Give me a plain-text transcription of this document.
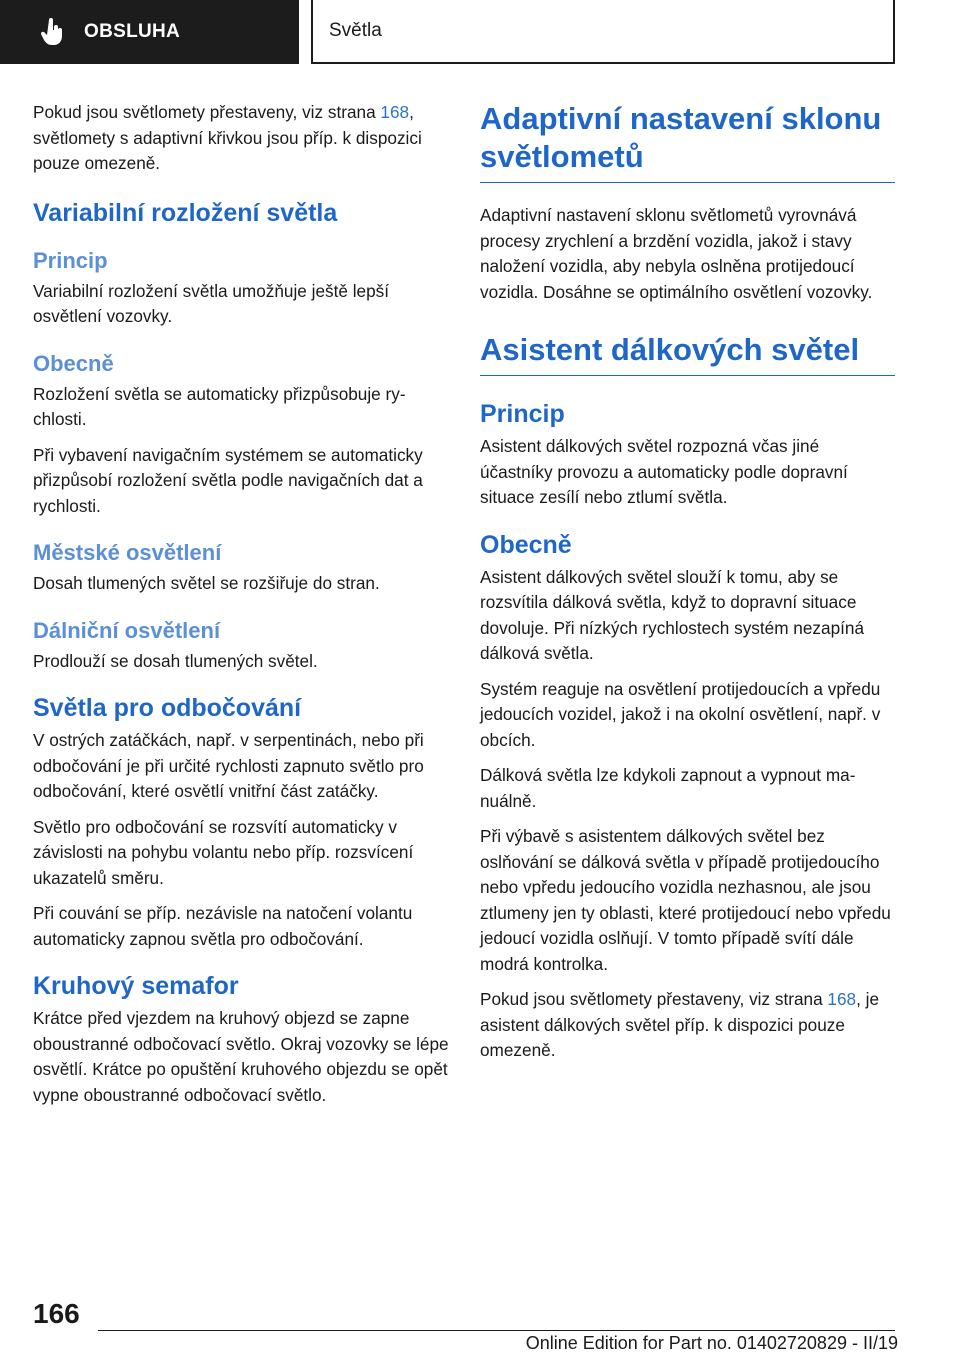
OBSLUHA	Světla

Pokud jsou světlomety přestaveny, viz strana 168, světlomety s adaptivní křivkou jsou příp. k dispozici pouze omezeně.

Variabilní rozložení světla
Princip

Variabilní rozložení světla umožňuje ještě lepší osvětlení vozovky.

Obecně

Rozložení světla se automaticky přizpůsobuje rychlosti.

Při vybavení navigačním systémem se automaticky přizpůsobí rozložení světla podle navigačních dat a rychlosti.

Městské osvětlení

Dosah tlumených světel se rozšiřuje do stran.

Dálniční osvětlení

Prodlouží se dosah tlumených světel.

Světla pro odbočování

V ostrých zatáčkách, např. v serpentinách, nebo při odbočování je při určité rychlosti zapnuto světlo pro odbočování, které osvětlí vnitřní část zatáčky.

Světlo pro odbočování se rozsvítí automaticky v závislosti na pohybu volantu nebo příp. rozsvícení ukazatelů směru.

Při couvání se příp. nezávisle na natočení volantu automaticky zapnou světla pro odbočování.

Kruhový semafor

Krátce před vjezdem na kruhový objezd se zapne oboustranné odbočovací světlo. Okraj vozovky se lépe osvětlí. Krátce po opuštění kruhového objezdu se opět vypne oboustranné odbočovací světlo.

Adaptivní nastavení sklonu světlometů

Adaptivní nastavení sklonu světlometů vyrovnává procesy zrychlení a brzdění vozidla, jakož i stavy naložení vozidla, aby nebyla oslněna protijedoucí vozidla. Dosáhne se optimálního osvětlení vozovky.

Asistent dálkových světel
Princip

Asistent dálkových světel rozpozná včas jiné účastníky provozu a automaticky podle dopravní situace zesílí nebo ztlumí světla.

Obecně

Asistent dálkových světel slouží k tomu, aby se rozsvítila dálková světla, když to dopravní situace dovoluje. Při nízkých rychlostech systém nezapíná dálková světla.

Systém reaguje na osvětlení protijedoucích a vpředu jedoucích vozidel, jakož i na okolní osvětlení, např. v obcích.

Dálková světla lze kdykoli zapnout a vypnout manuálně.

Při výbavě s asistentem dálkových světel bez oslňování se dálková světla v případě protijedoucího nebo vpředu jedoucího vozidla nezhasnou, ale jsou ztlumeny jen ty oblasti, které protijedoucí nebo vpředu jedoucí vozidla oslňují. V tomto případě svítí dále modrá kontrolka.

Pokud jsou světlomety přestaveny, viz strana 168, je asistent dálkových světel příp. k dispozici pouze omezeně.

166
Online Edition for Part no. 01402720829 - II/19
